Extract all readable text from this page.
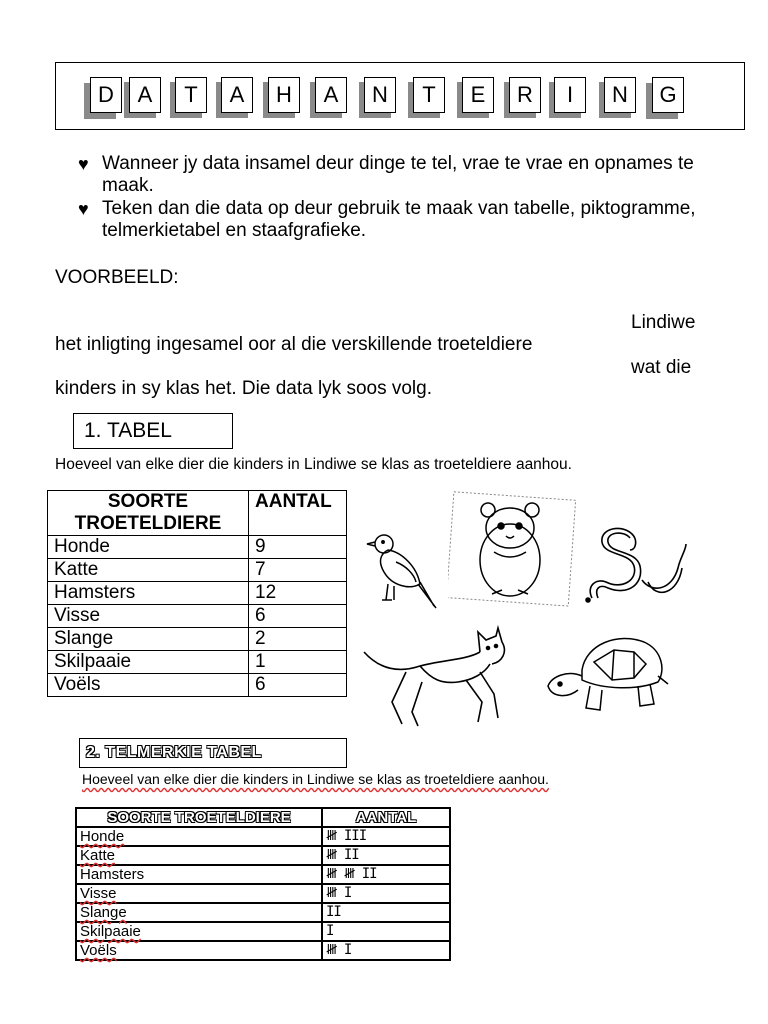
D	A	T	A	H	A	N	T	E	R	I	N	G
♥ Wanneer jy data insamel deur dinge te tel, vrae te vrae en opnames te maak.
♥ Teken dan die data op deur gebruik te maak van tabelle, piktogramme, telmerkietabel en staafgrafieke.
VOORBEELD:
Lindiwe
het inligting ingesamel oor al die verskillende troeteldiere
wat die
kinders in sy klas het. Die data lyk soos volg.
1. TABEL
Hoeveel van elke dier die kinders in Lindiwe se klas as troeteldiere aanhou.
SOORTE TROETELDIERE	AANTAL
Honde	9
Katte	7
Hamsters	12
Visse	6
Slange	2
Skilpaaie	1
Voëls	6
2. TELMERKIE TABEL
Hoeveel van elke dier die kinders in Lindiwe se klas as troeteldiere aanhou.
SOORTE TROETELDIERE	AANTAL
Honde	𝍸 III
Katte	𝍸 II
Hamsters	𝍸 𝍸 II
Visse	𝍸 I
Slange	II
Skilpaaie	I
Voëls	𝍸 I
